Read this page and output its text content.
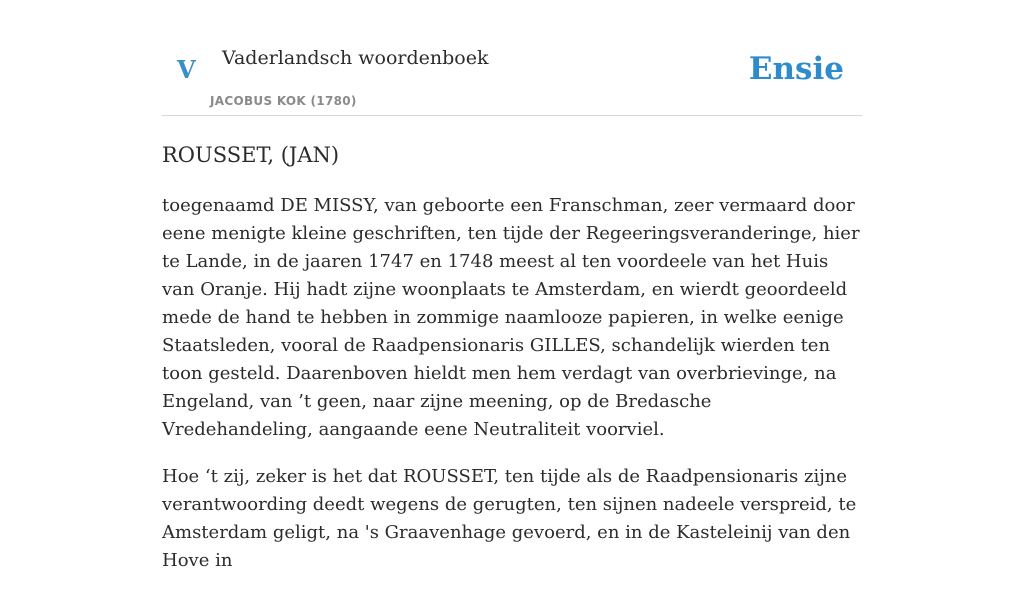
V Vaderlandsch woordenboek
JACOBUS KOK (1780)
Ensie
ROUSSET, (JAN)

toegenaamd DE MISSY, van geboorte een Franschman, zeer vermaard door eene menigte kleine geschriften, ten tijde der Regeeringsveranderinge, hier te Lande, in de jaaren 1747 en 1748 meest al ten voordeele van het Huis van Oranje. Hij hadt zijne woonplaats te Amsterdam, en wierdt geoordeeld mede de hand te hebben in zommige naamlooze papieren, in welke eenige Staatsleden, vooral de Raadpensionaris GILLES, schandelijk wierden ten toon gesteld. Daarenboven hieldt men hem verdagt van overbrievinge, na Engeland, van ’t geen, naar zijne meening, op de Bredasche Vredehandeling, aangaande eene Neutraliteit voorviel.

Hoe ‘t zij, zeker is het dat ROUSSET, ten tijde als de Raadpensionaris zijne verantwoording deedt wegens de gerugten, ten sijnen nadeele verspreid, te Amsterdam geligt, na 's Graavenhage gevoerd, en in de Kasteleinij van den Hove in
